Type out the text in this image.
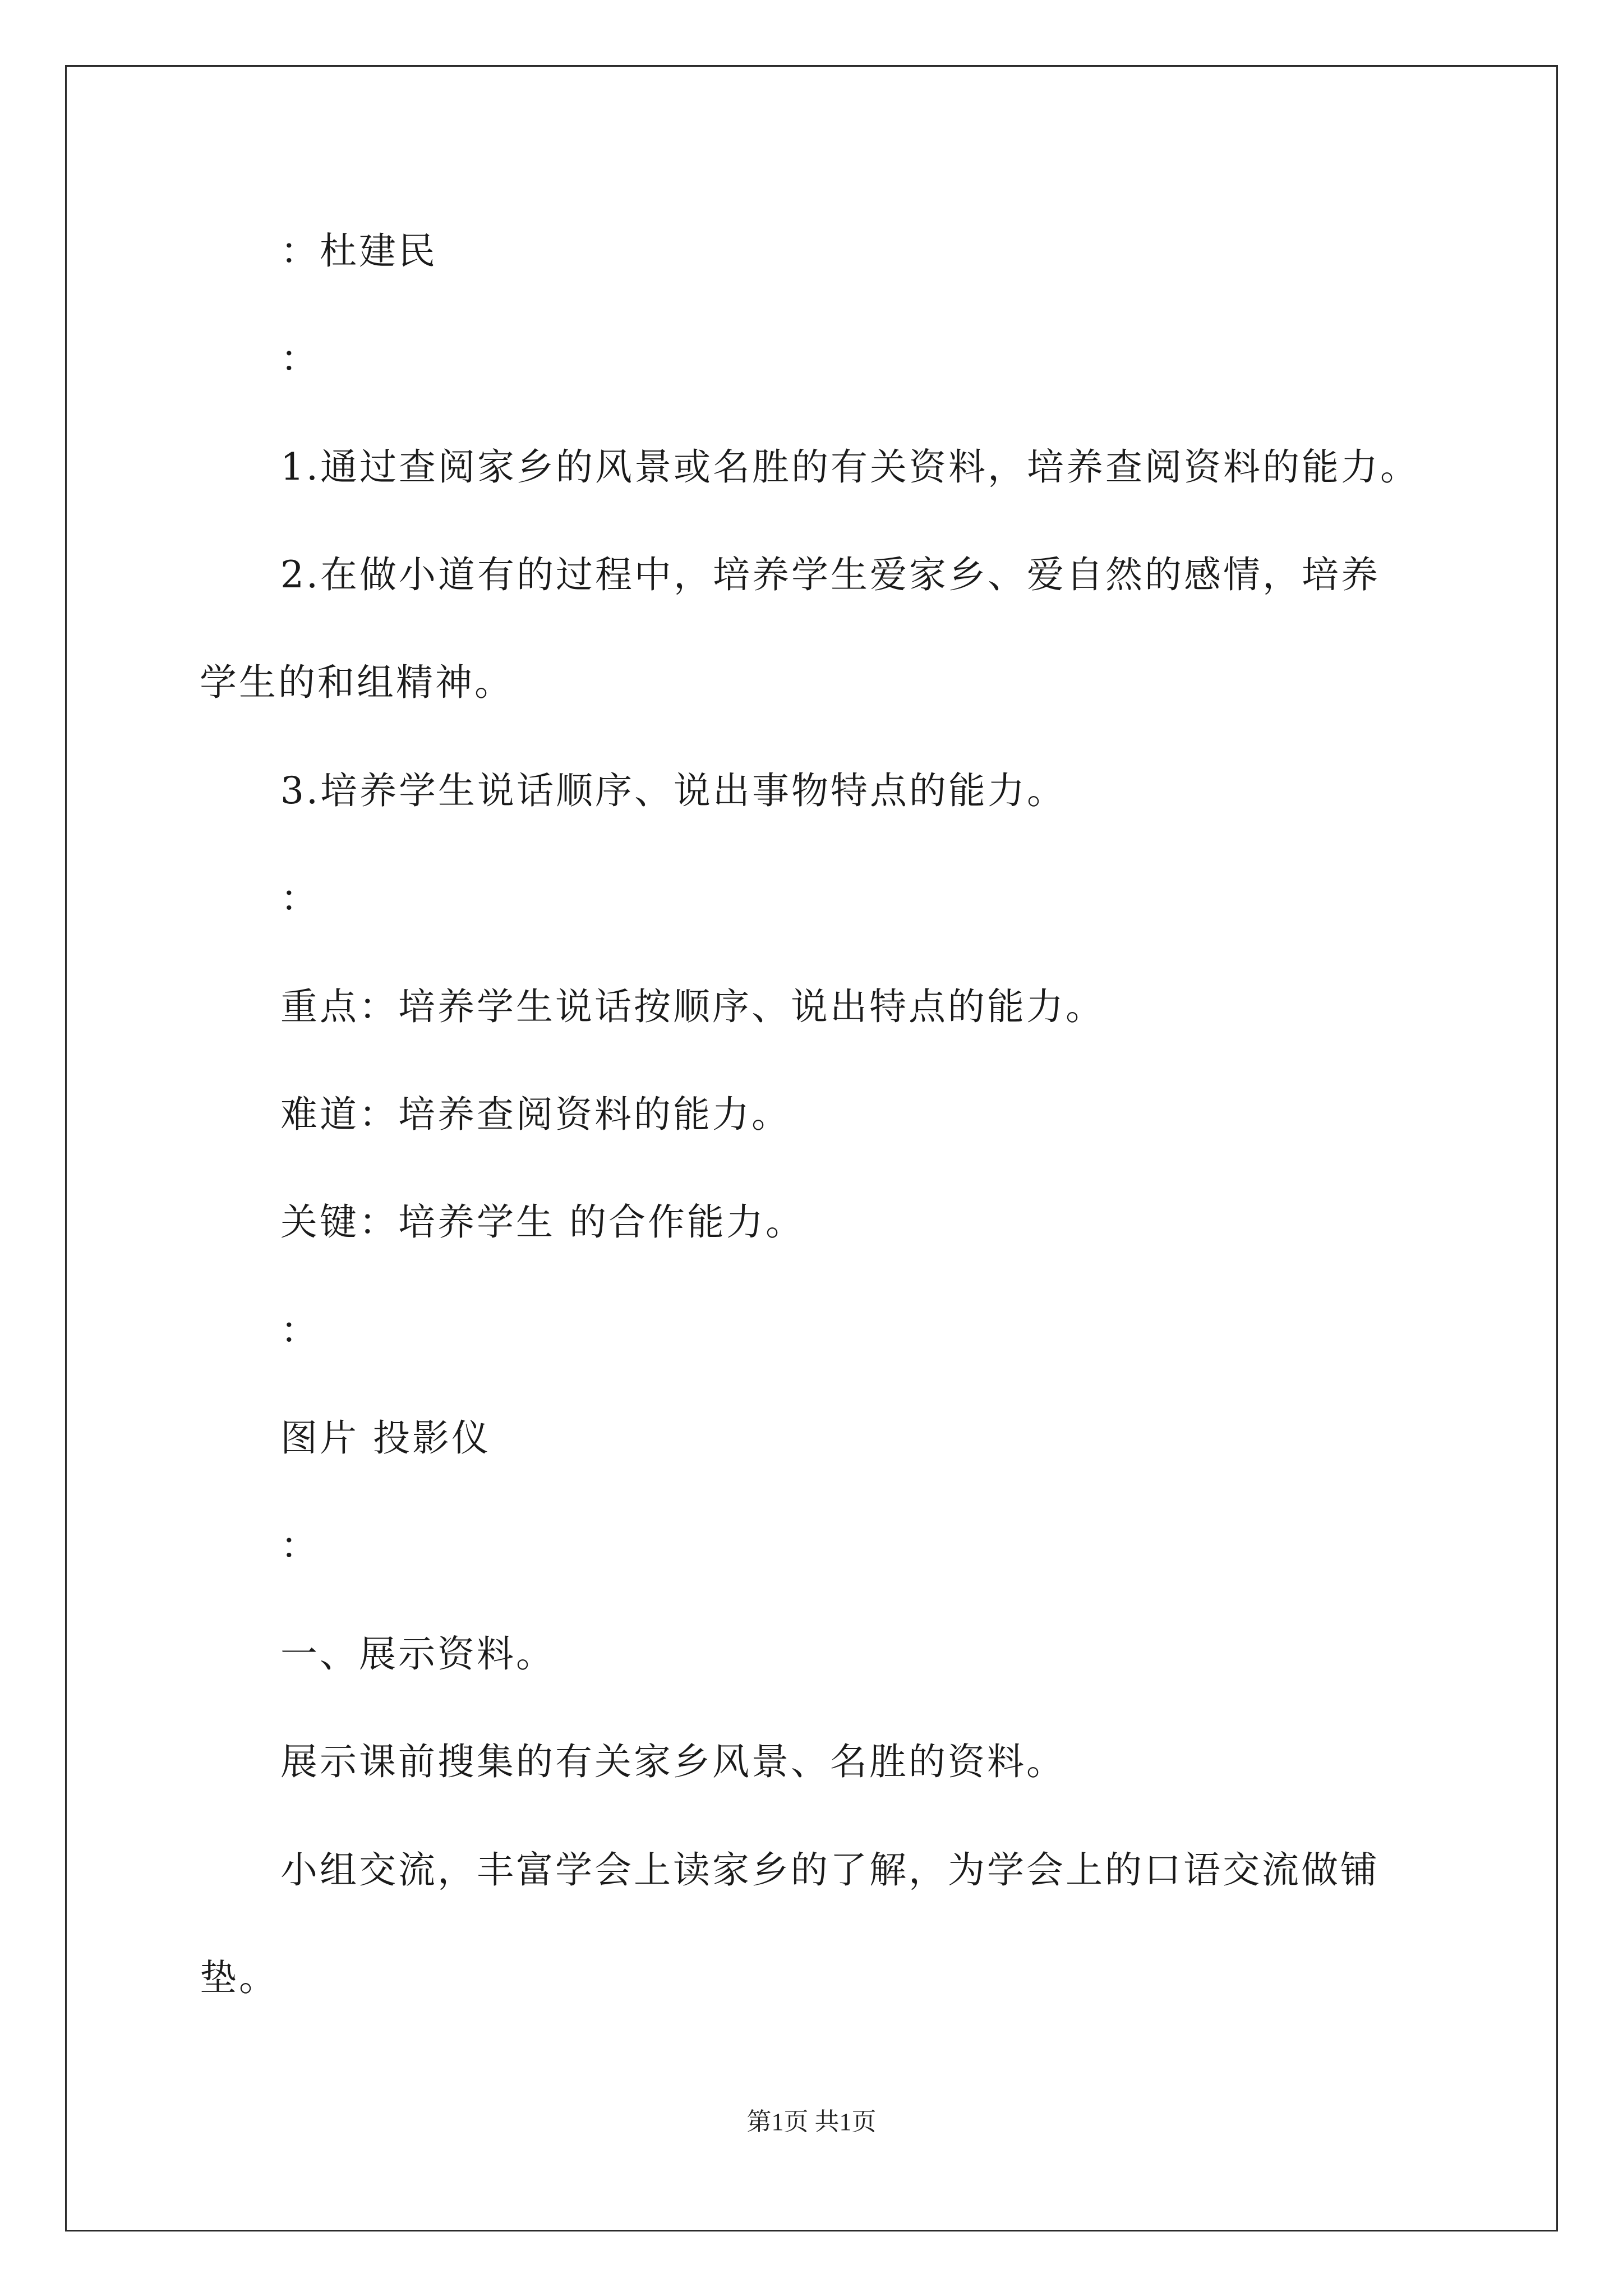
：杜建民
：
1.通过查阅家乡的风景或名胜的有关资料，培养查阅资料的能力。
2.在做小道有的过程中，培养学生爱家乡、爱自然的感情，培养
学生的和组精神。
3.培养学生说话顺序、说出事物特点的能力。
：
重点：培养学生说话按顺序、说出特点的能力。
难道：培养查阅资料的能力。
关键：培养学生 的合作能力。
：
图片 投影仪
：
一、展示资料。
展示课前搜集的有关家乡风景、名胜的资料。
小组交流，丰富学会上读家乡的了解，为学会上的口语交流做铺
垫。
第1页 共1页
